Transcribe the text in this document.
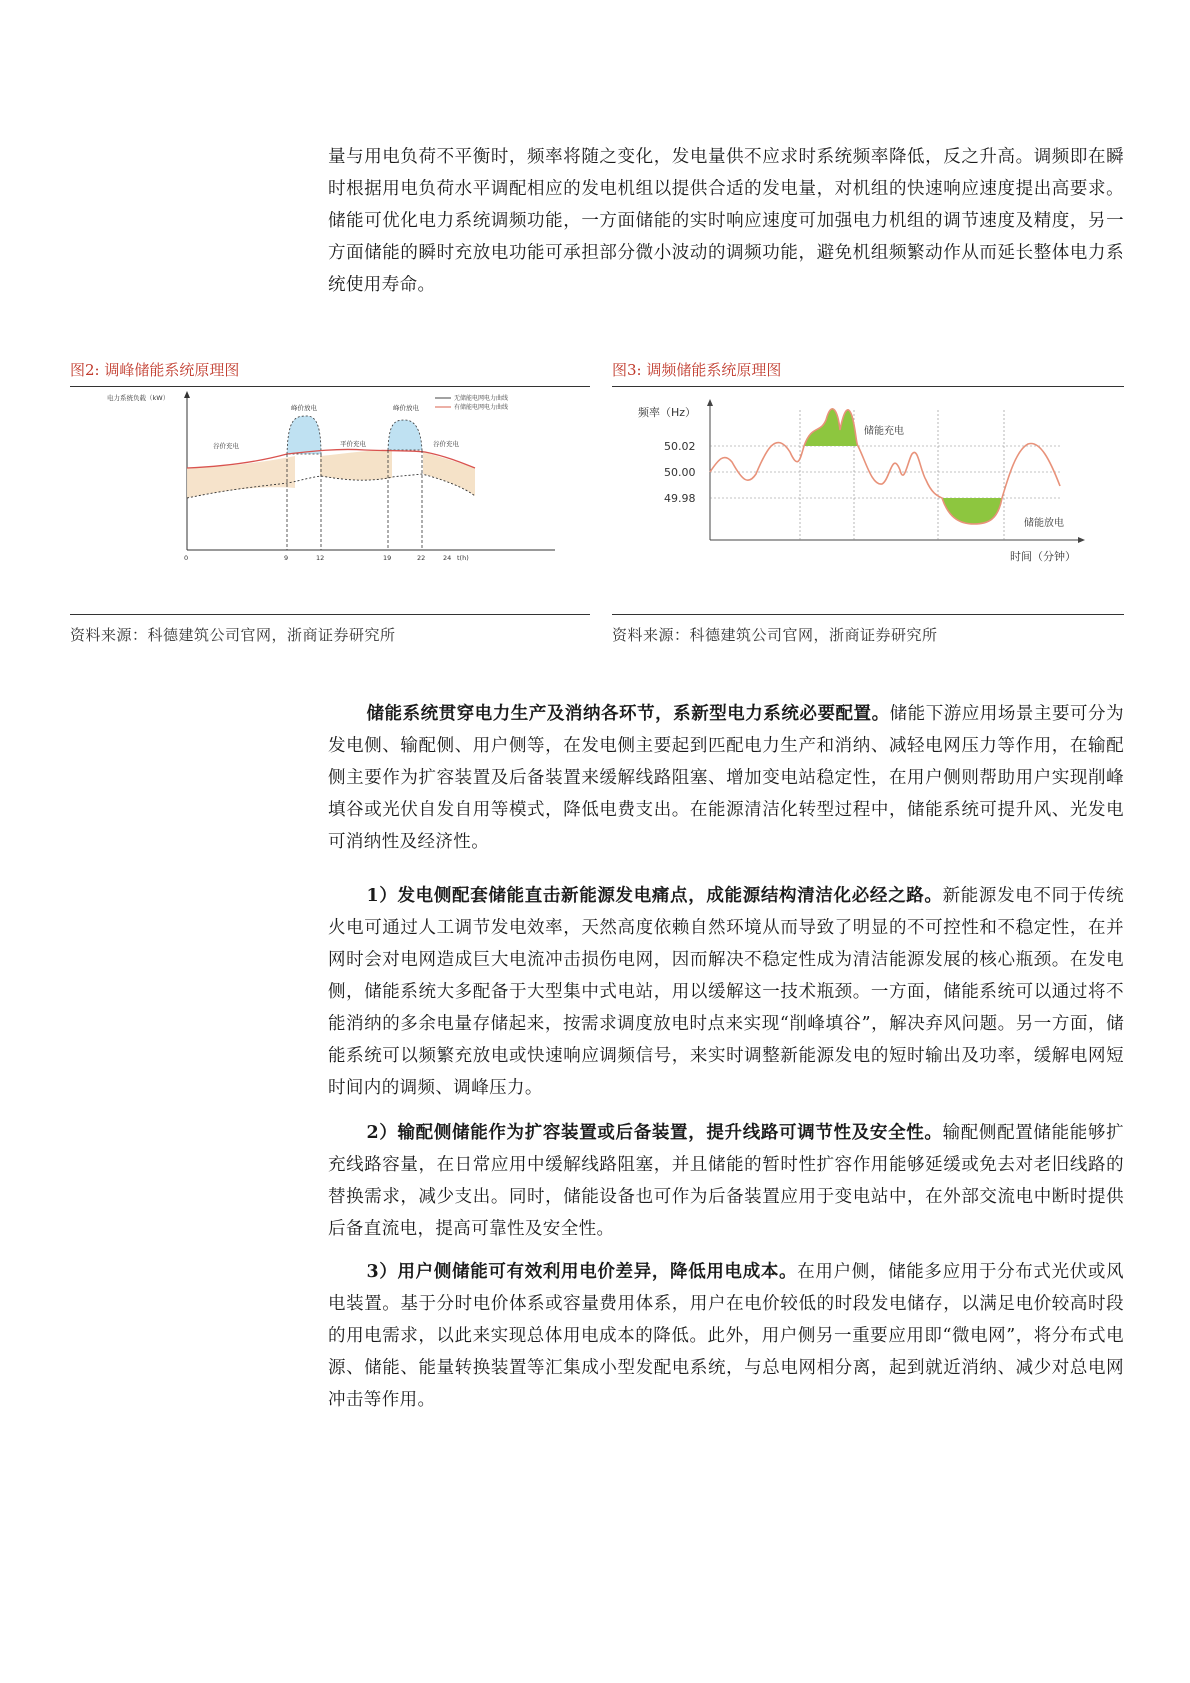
量与用电负荷不平衡时，频率将随之变化，发电量供不应求时系统频率降低，反之升高。调频即在瞬时根据用电负荷水平调配相应的发电机组以提供合适的发电量，对机组的快速响应速度提出高要求。储能可优化电力系统调频功能，一方面储能的实时响应速度可加强电力机组的调节速度及精度，另一方面储能的瞬时充放电功能可承担部分微小波动的调频功能，避免机组频繁动作从而延长整体电力系统使用寿命。

图2: 调峰储能系统原理图
电力系统负载（kW）	无储能电网电力曲线
有储能电网电力曲线
峰价放电	峰价放电
谷价充电	平价充电	谷价充电
0	9	12	19	22	24 t(h)
资料来源：科德建筑公司官网，浙商证券研究所
图3: 调频储能系统原理图
频率（Hz）
50.02
50.00
49.98
储能充电
储能放电
时间（分钟）
资料来源：科德建筑公司官网，浙商证券研究所

储能系统贯穿电力生产及消纳各环节，系新型电力系统必要配置。储能下游应用场景主要可分为发电侧、输配侧、用户侧等，在发电侧主要起到匹配电力生产和消纳、减轻电网压力等作用，在输配侧主要作为扩容装置及后备装置来缓解线路阻塞、增加变电站稳定性，在用户侧则帮助用户实现削峰填谷或光伏自发自用等模式，降低电费支出。在能源清洁化转型过程中，储能系统可提升风、光发电可消纳性及经济性。

1）发电侧配套储能直击新能源发电痛点，成能源结构清洁化必经之路。新能源发电不同于传统火电可通过人工调节发电效率，天然高度依赖自然环境从而导致了明显的不可控性和不稳定性，在并网时会对电网造成巨大电流冲击损伤电网，因而解决不稳定性成为清洁能源发展的核心瓶颈。在发电侧，储能系统大多配备于大型集中式电站，用以缓解这一技术瓶颈。一方面，储能系统可以通过将不能消纳的多余电量存储起来，按需求调度放电时点来实现“削峰填谷”，解决弃风问题。另一方面，储能系统可以频繁充放电或快速响应调频信号，来实时调整新能源发电的短时输出及功率，缓解电网短时间内的调频、调峰压力。

2）输配侧储能作为扩容装置或后备装置，提升线路可调节性及安全性。输配侧配置储能能够扩充线路容量，在日常应用中缓解线路阻塞，并且储能的暂时性扩容作用能够延缓或免去对老旧线路的替换需求，减少支出。同时，储能设备也可作为后备装置应用于变电站中，在外部交流电中断时提供后备直流电，提高可靠性及安全性。

3）用户侧储能可有效利用电价差异，降低用电成本。在用户侧，储能多应用于分布式光伏或风电装置。基于分时电价体系或容量费用体系，用户在电价较低的时段发电储存，以满足电价较高时段的用电需求，以此来实现总体用电成本的降低。此外，用户侧另一重要应用即“微电网”，将分布式电源、储能、能量转换装置等汇集成小型发配电系统，与总电网相分离，起到就近消纳、减少对总电网冲击等作用。
